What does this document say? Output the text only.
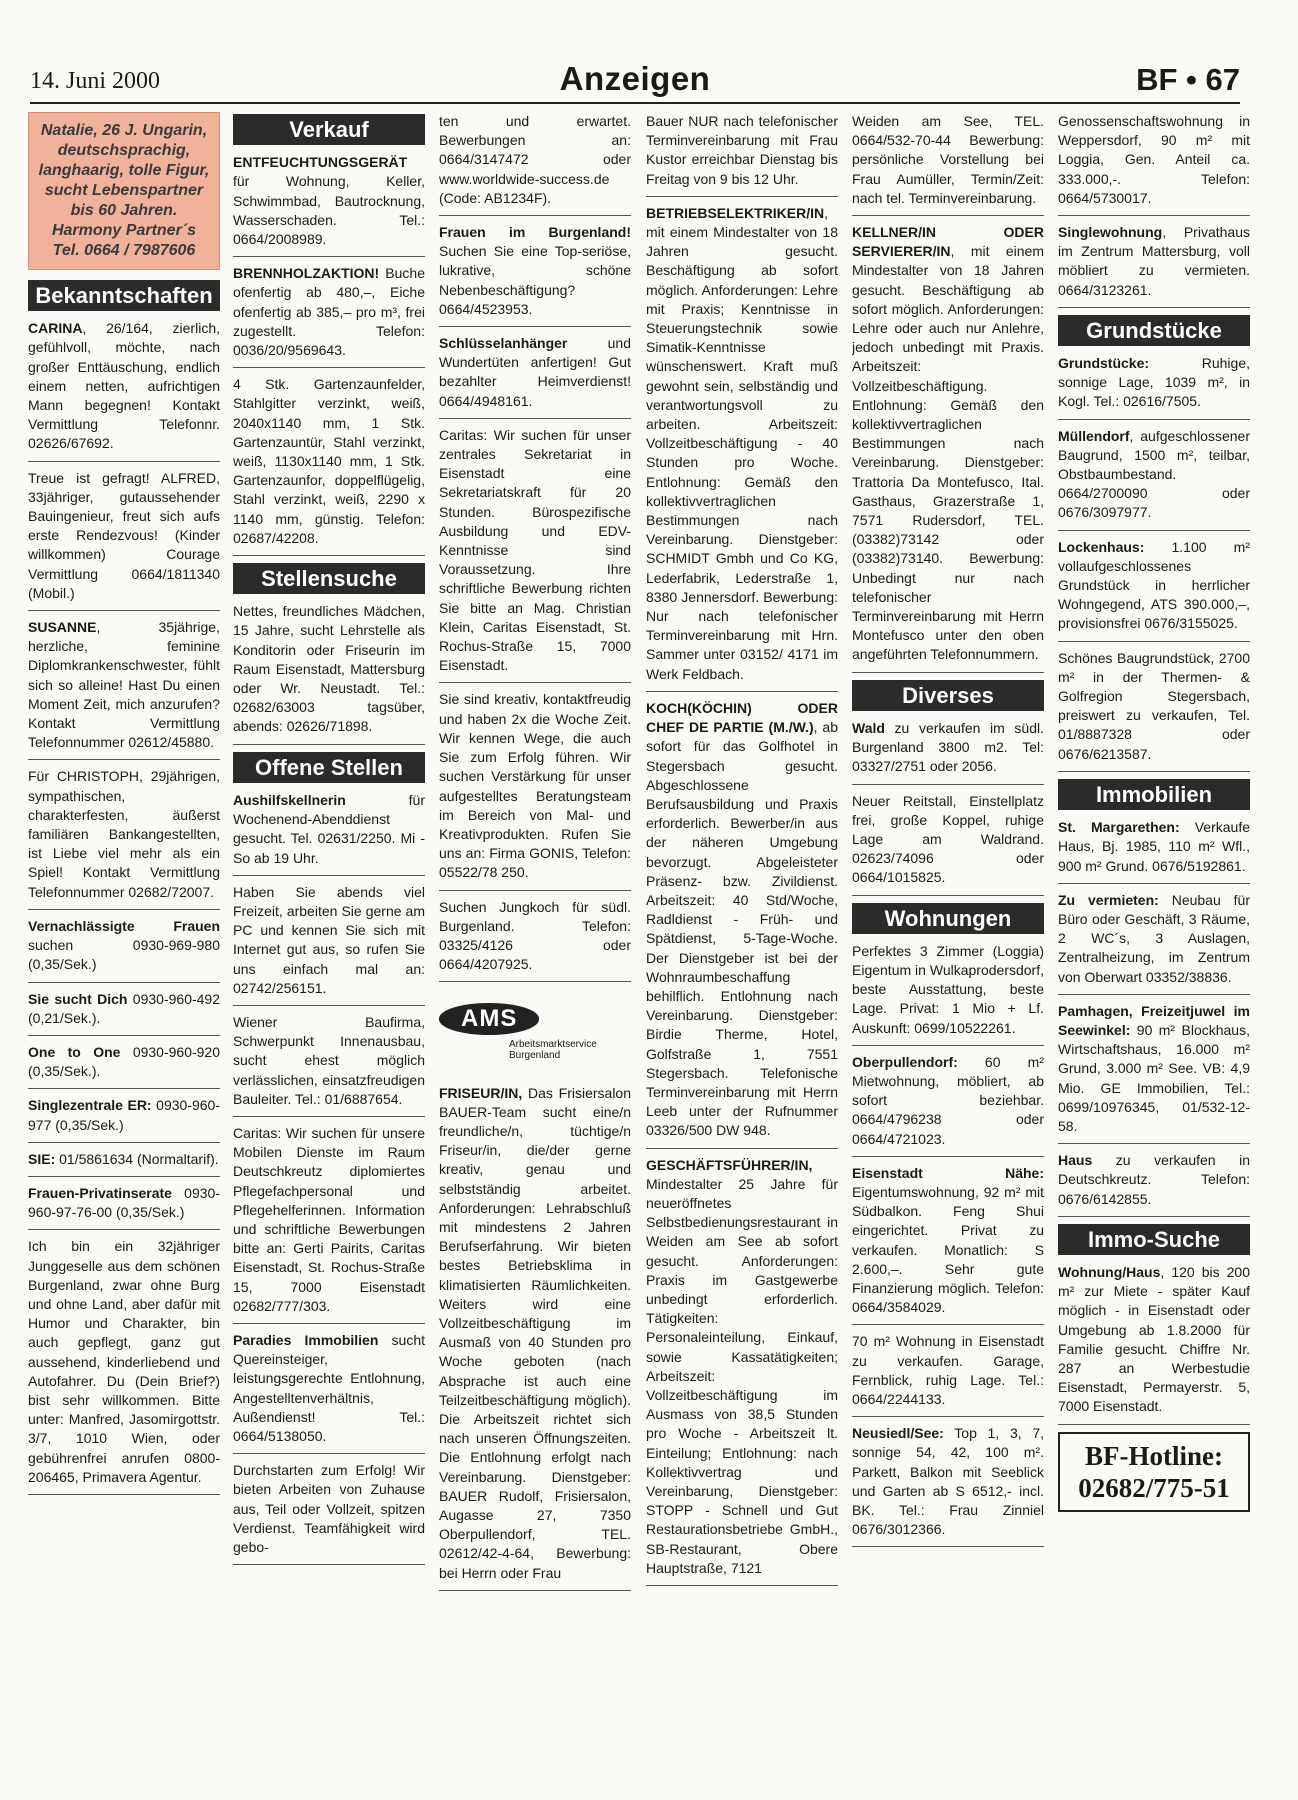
14. Juni 2000	Anzeigen	BF • 67
Natalie, 26 J. Ungarin, deutschsprachig, langhaarig, tolle Figur, sucht Lebenspartner bis 60 Jahren. Harmony Partner´s Tel. 0664 / 7987606
Bekanntschaften
CARINA, 26/164, zierlich, gefühlvoll, möchte, nach großer Enttäuschung, endlich einem netten, aufrichtigen Mann begegnen! Kontakt Vermittlung Telefonnr. 02626/67692.
Treue ist gefragt! ALFRED, 33jähriger, gutaussehender Bauingenieur, freut sich aufs erste Rendezvous! (Kinder willkommen) Courage Vermittlung 0664/1811340 (Mobil.)
SUSANNE, 35jährige, herzliche, feminine Diplomkrankenschwester, fühlt sich so alleine! Hast Du einen Moment Zeit, mich anzurufen? Kontakt Vermittlung Telefonnummer 02612/45880.
Für CHRISTOPH, 29jährigen, sympathischen, charakterfesten, äußerst familiären Bankangestellten, ist Liebe viel mehr als ein Spiel! Kontakt Vermittlung Telefonnummer 02682/72007.
Vernachlässigte Frauen suchen 0930-969-980 (0,35/Sek.)
Sie sucht Dich 0930-960-492 (0,21/Sek.).
One to One 0930-960-920 (0,35/Sek.).
Singlezentrale ER: 0930-960-977 (0,35/Sek.)
SIE: 01/5861634 (Normaltarif).
Frauen-Privatinserate 0930-960-97-76-00 (0,35/Sek.)
Ich bin ein 32jähriger Junggeselle aus dem schönen Burgenland, zwar ohne Burg und ohne Land, aber dafür mit Humor und Charakter, bin auch gepflegt, ganz gut aussehend, kinderliebend und Autofahrer. Du (Dein Brief?) bist sehr willkommen. Bitte unter: Manfred, Jasomirgottstr. 3/7, 1010 Wien, oder gebührenfrei anrufen 0800-206465, Primavera Agentur.
Verkauf
ENTFEUCHTUNGSGERÄT für Wohnung, Keller, Schwimmbad, Bautrocknung, Wasserschaden. Tel.: 0664/2008989.
BRENNHOLZAKTION! Buche ofenfertig ab 480,–, Eiche ofenfertig ab 385,– pro m³, frei zugestellt. Telefon: 0036/20/9569643.
4 Stk. Gartenzaunfelder, Stahlgitter verzinkt, weiß, 2040x1140 mm, 1 Stk. Gartenzauntür, Stahl verzinkt, weiß, 1130x1140 mm, 1 Stk. Gartenzaunfor, doppelflügelig, Stahl verzinkt, weiß, 2290 x 1140 mm, günstig. Telefon: 02687/42208.
Stellensuche
Nettes, freundliches Mädchen, 15 Jahre, sucht Lehrstelle als Konditorin oder Friseurin im Raum Eisenstadt, Mattersburg oder Wr. Neustadt. Tel.: 02682/63003 tagsüber, abends: 02626/71898.
Offene Stellen
Aushilfskellnerin für Wochenend-Abenddienst gesucht. Tel. 02631/2250. Mi - So ab 19 Uhr.
Haben Sie abends viel Freizeit, arbeiten Sie gerne am PC und kennen Sie sich mit Internet gut aus, so rufen Sie uns einfach mal an: 02742/256151.
Wiener Baufirma, Schwerpunkt Innenausbau, sucht ehest möglich verlässlichen, einsatzfreudigen Bauleiter. Tel.: 01/6887654.
Caritas: Wir suchen für unsere Mobilen Dienste im Raum Deutschkreutz diplomiertes Pflegefachpersonal und Pflegehelferinnen. Information und schriftliche Bewerbungen bitte an: Gerti Pairits, Caritas Eisenstadt, St. Rochus-Straße 15, 7000 Eisenstadt 02682/777/303.
Paradies Immobilien sucht Quereinsteiger, leistungsgerechte Entlohnung, Angestelltenverhältnis, Außendienst! Tel.: 0664/5138050.
Durchstarten zum Erfolg! Wir bieten Arbeiten von Zuhause aus, Teil oder Vollzeit, spitzen Verdienst. Teamfähigkeit wird gebo-
ten und erwartet. Bewerbungen an: 0664/3147472 oder www.worldwide-success.de (Code: AB1234F).
Frauen im Burgenland! Suchen Sie eine Top-seriöse, lukrative, schöne Nebenbeschäftigung? 0664/4523953.
Schlüsselanhänger und Wundertüten anfertigen! Gut bezahlter Heimverdienst! 0664/4948161.
Caritas: Wir suchen für unser zentrales Sekretariat in Eisenstadt eine Sekretariatskraft für 20 Stunden. Bürospezifische Ausbildung und EDV-Kenntnisse sind Voraussetzung. Ihre schriftliche Bewerbung richten Sie bitte an Mag. Christian Klein, Caritas Eisenstadt, St. Rochus-Straße 15, 7000 Eisenstadt.
Sie sind kreativ, kontaktfreudig und haben 2x die Woche Zeit. Wir kennen Wege, die auch Sie zum Erfolg führen. Wir suchen Verstärkung für unser aufgestelltes Beratungsteam im Bereich von Mal- und Kreativprodukten. Rufen Sie uns an: Firma GONIS, Telefon: 05522/78 250.
Suchen Jungkoch für südl. Burgenland. Telefon: 03325/4126 oder 0664/4207925.
AMS
Arbeitsmarktservice Burgenland
FRISEUR/IN, Das Frisiersalon BAUER-Team sucht eine/n freundliche/n, tüchtige/n Friseur/in, die/der gerne kreativ, genau und selbstständig arbeitet. Anforderungen: Lehrabschluß mit mindestens 2 Jahren Berufserfahrung. Wir bieten bestes Betriebsklima in klimatisierten Räumlichkeiten. Weiters wird eine Vollzeitbeschäftigung im Ausmaß von 40 Stunden pro Woche geboten (nach Absprache ist auch eine Teilzeitbeschäftigung möglich). Die Arbeitszeit richtet sich nach unseren Öffnungszeiten. Die Entlohnung erfolgt nach Vereinbarung. Dienstgeber: BAUER Rudolf, Frisiersalon, Augasse 27, 7350 Oberpullendorf, TEL. 02612/42-4-64, Bewerbung: bei Herrn oder Frau
Bauer NUR nach telefonischer Terminvereinbarung mit Frau Kustor erreichbar Dienstag bis Freitag von 9 bis 12 Uhr.
BETRIEBSELEKTRIKER/IN, mit einem Mindestalter von 18 Jahren gesucht. Beschäftigung ab sofort möglich. Anforderungen: Lehre mit Praxis; Kenntnisse in Steuerungstechnik sowie Simatik-Kenntnisse wünschenswert. Kraft muß gewohnt sein, selbständig und verantwortungsvoll zu arbeiten. Arbeitszeit: Vollzeitbeschäftigung - 40 Stunden pro Woche. Entlohnung: Gemäß den kollektivvertraglichen Bestimmungen nach Vereinbarung. Dienstgeber: SCHMIDT Gmbh und Co KG, Lederfabrik, Lederstraße 1, 8380 Jennersdorf. Bewerbung: Nur nach telefonischer Terminvereinbarung mit Hrn. Sammer unter 03152/ 4171 im Werk Feldbach.
KOCH(KÖCHIN) ODER CHEF DE PARTIE (M./W.), ab sofort für das Golfhotel in Stegersbach gesucht. Abgeschlossene Berufsausbildung und Praxis erforderlich. Bewerber/in aus der näheren Umgebung bevorzugt. Abgeleisteter Präsenz- bzw. Zivildienst. Arbeitszeit: 40 Std/Woche, Radldienst - Früh- und Spätdienst, 5-Tage-Woche. Der Dienstgeber ist bei der Wohnraumbeschaffung behilflich. Entlohnung nach Vereinbarung. Dienstgeber: Birdie Therme, Hotel, Golfstraße 1, 7551 Stegersbach. Telefonische Terminvereinbarung mit Herrn Leeb unter der Rufnummer 03326/500 DW 948.
GESCHÄFTSFÜHRER/IN, Mindestalter 25 Jahre für neueröffnetes Selbstbedienungsrestaurant in Weiden am See ab sofort gesucht. Anforderungen: Praxis im Gastgewerbe unbedingt erforderlich. Tätigkeiten: Personaleinteilung, Einkauf, sowie Kassatätigkeiten; Arbeitszeit: Vollzeitbeschäftigung im Ausmass von 38,5 Stunden pro Woche - Arbeitszeit lt. Einteilung; Entlohnung: nach Kollektivvertrag und Vereinbarung, Dienstgeber: STOPP - Schnell und Gut Restaurationsbetriebe GmbH., SB-Restaurant, Obere Hauptstraße, 7121
Weiden am See, TEL. 0664/532-70-44 Bewerbung: persönliche Vorstellung bei Frau Aumüller, Termin/Zeit: nach tel. Terminvereinbarung.
KELLNER/IN ODER SERVIERER/IN, mit einem Mindestalter von 18 Jahren gesucht. Beschäftigung ab sofort möglich. Anforderungen: Lehre oder auch nur Anlehre, jedoch unbedingt mit Praxis. Arbeitszeit: Vollzeitbeschäftigung. Entlohnung: Gemäß den kollektivvertraglichen Bestimmungen nach Vereinbarung. Dienstgeber: Trattoria Da Montefusco, Ital. Gasthaus, Grazerstraße 1, 7571 Rudersdorf, TEL. (03382)73142 oder (03382)73140. Bewerbung: Unbedingt nur nach telefonischer Terminvereinbarung mit Herrn Montefusco unter den oben angeführten Telefonnummern.
Diverses
Wald zu verkaufen im südl. Burgenland 3800 m2. Tel: 03327/2751 oder 2056.
Neuer Reitstall, Einstellplatz frei, große Koppel, ruhige Lage am Waldrand. 02623/74096 oder 0664/1015825.
Wohnungen
Perfektes 3 Zimmer (Loggia) Eigentum in Wulkaprodersdorf, beste Ausstattung, beste Lage. Privat: 1 Mio + Lf. Auskunft: 0699/10522261.
Oberpullendorf: 60 m² Mietwohnung, möbliert, ab sofort beziehbar. 0664/4796238 oder 0664/4721023.
Eisenstadt Nähe: Eigentumswohnung, 92 m² mit Südbalkon. Feng Shui eingerichtet. Privat zu verkaufen. Monatlich: S 2.600,–. Sehr gute Finanzierung möglich. Telefon: 0664/3584029.
70 m² Wohnung in Eisenstadt zu verkaufen. Garage, Fernblick, ruhig Lage. Tel.: 0664/2244133.
Neusiedl/See: Top 1, 3, 7, sonnige 54, 42, 100 m². Parkett, Balkon mit Seeblick und Garten ab S 6512,- incl. BK. Tel.: Frau Zinniel 0676/3012366.
Genossenschaftswohnung in Weppersdorf, 90 m² mit Loggia, Gen. Anteil ca. 333.000,-. Telefon: 0664/5730017.
Singlewohnung, Privathaus im Zentrum Mattersburg, voll möbliert zu vermieten. 0664/3123261.
Grundstücke
Grundstücke: Ruhige, sonnige Lage, 1039 m², in Kogl. Tel.: 02616/7505.
Müllendorf, aufgeschlossener Baugrund, 1500 m², teilbar, Obstbaumbestand. 0664/2700090 oder 0676/3097977.
Lockenhaus: 1.100 m² vollaufgeschlossenes Grundstück in herrlicher Wohngegend, ATS 390.000,–, provisionsfrei 0676/3155025.
Schönes Baugrundstück, 2700 m² in der Thermen- & Golfregion Stegersbach, preiswert zu verkaufen, Tel. 01/8887328 oder 0676/6213587.
Immobilien
St. Margarethen: Verkaufe Haus, Bj. 1985, 110 m² Wfl., 900 m² Grund. 0676/5192861.
Zu vermieten: Neubau für Büro oder Geschäft, 3 Räume, 2 WC´s, 3 Auslagen, Zentralheizung, im Zentrum von Oberwart 03352/38836.
Pamhagen, Freizeitjuwel im Seewinkel: 90 m² Blockhaus, Wirtschaftshaus, 16.000 m² Grund, 3.000 m² See. VB: 4,9 Mio. GE Immobilien, Tel.: 0699/10976345, 01/532-12-58.
Haus zu verkaufen in Deutschkreutz. Telefon: 0676/6142855.
Immo-Suche
Wohnung/Haus, 120 bis 200 m² zur Miete - später Kauf möglich - in Eisenstadt oder Umgebung ab 1.8.2000 für Familie gesucht. Chiffre Nr. 287 an Werbestudie Eisenstadt, Permayerstr. 5, 7000 Eisenstadt.
BF-Hotline:
02682/775-51
